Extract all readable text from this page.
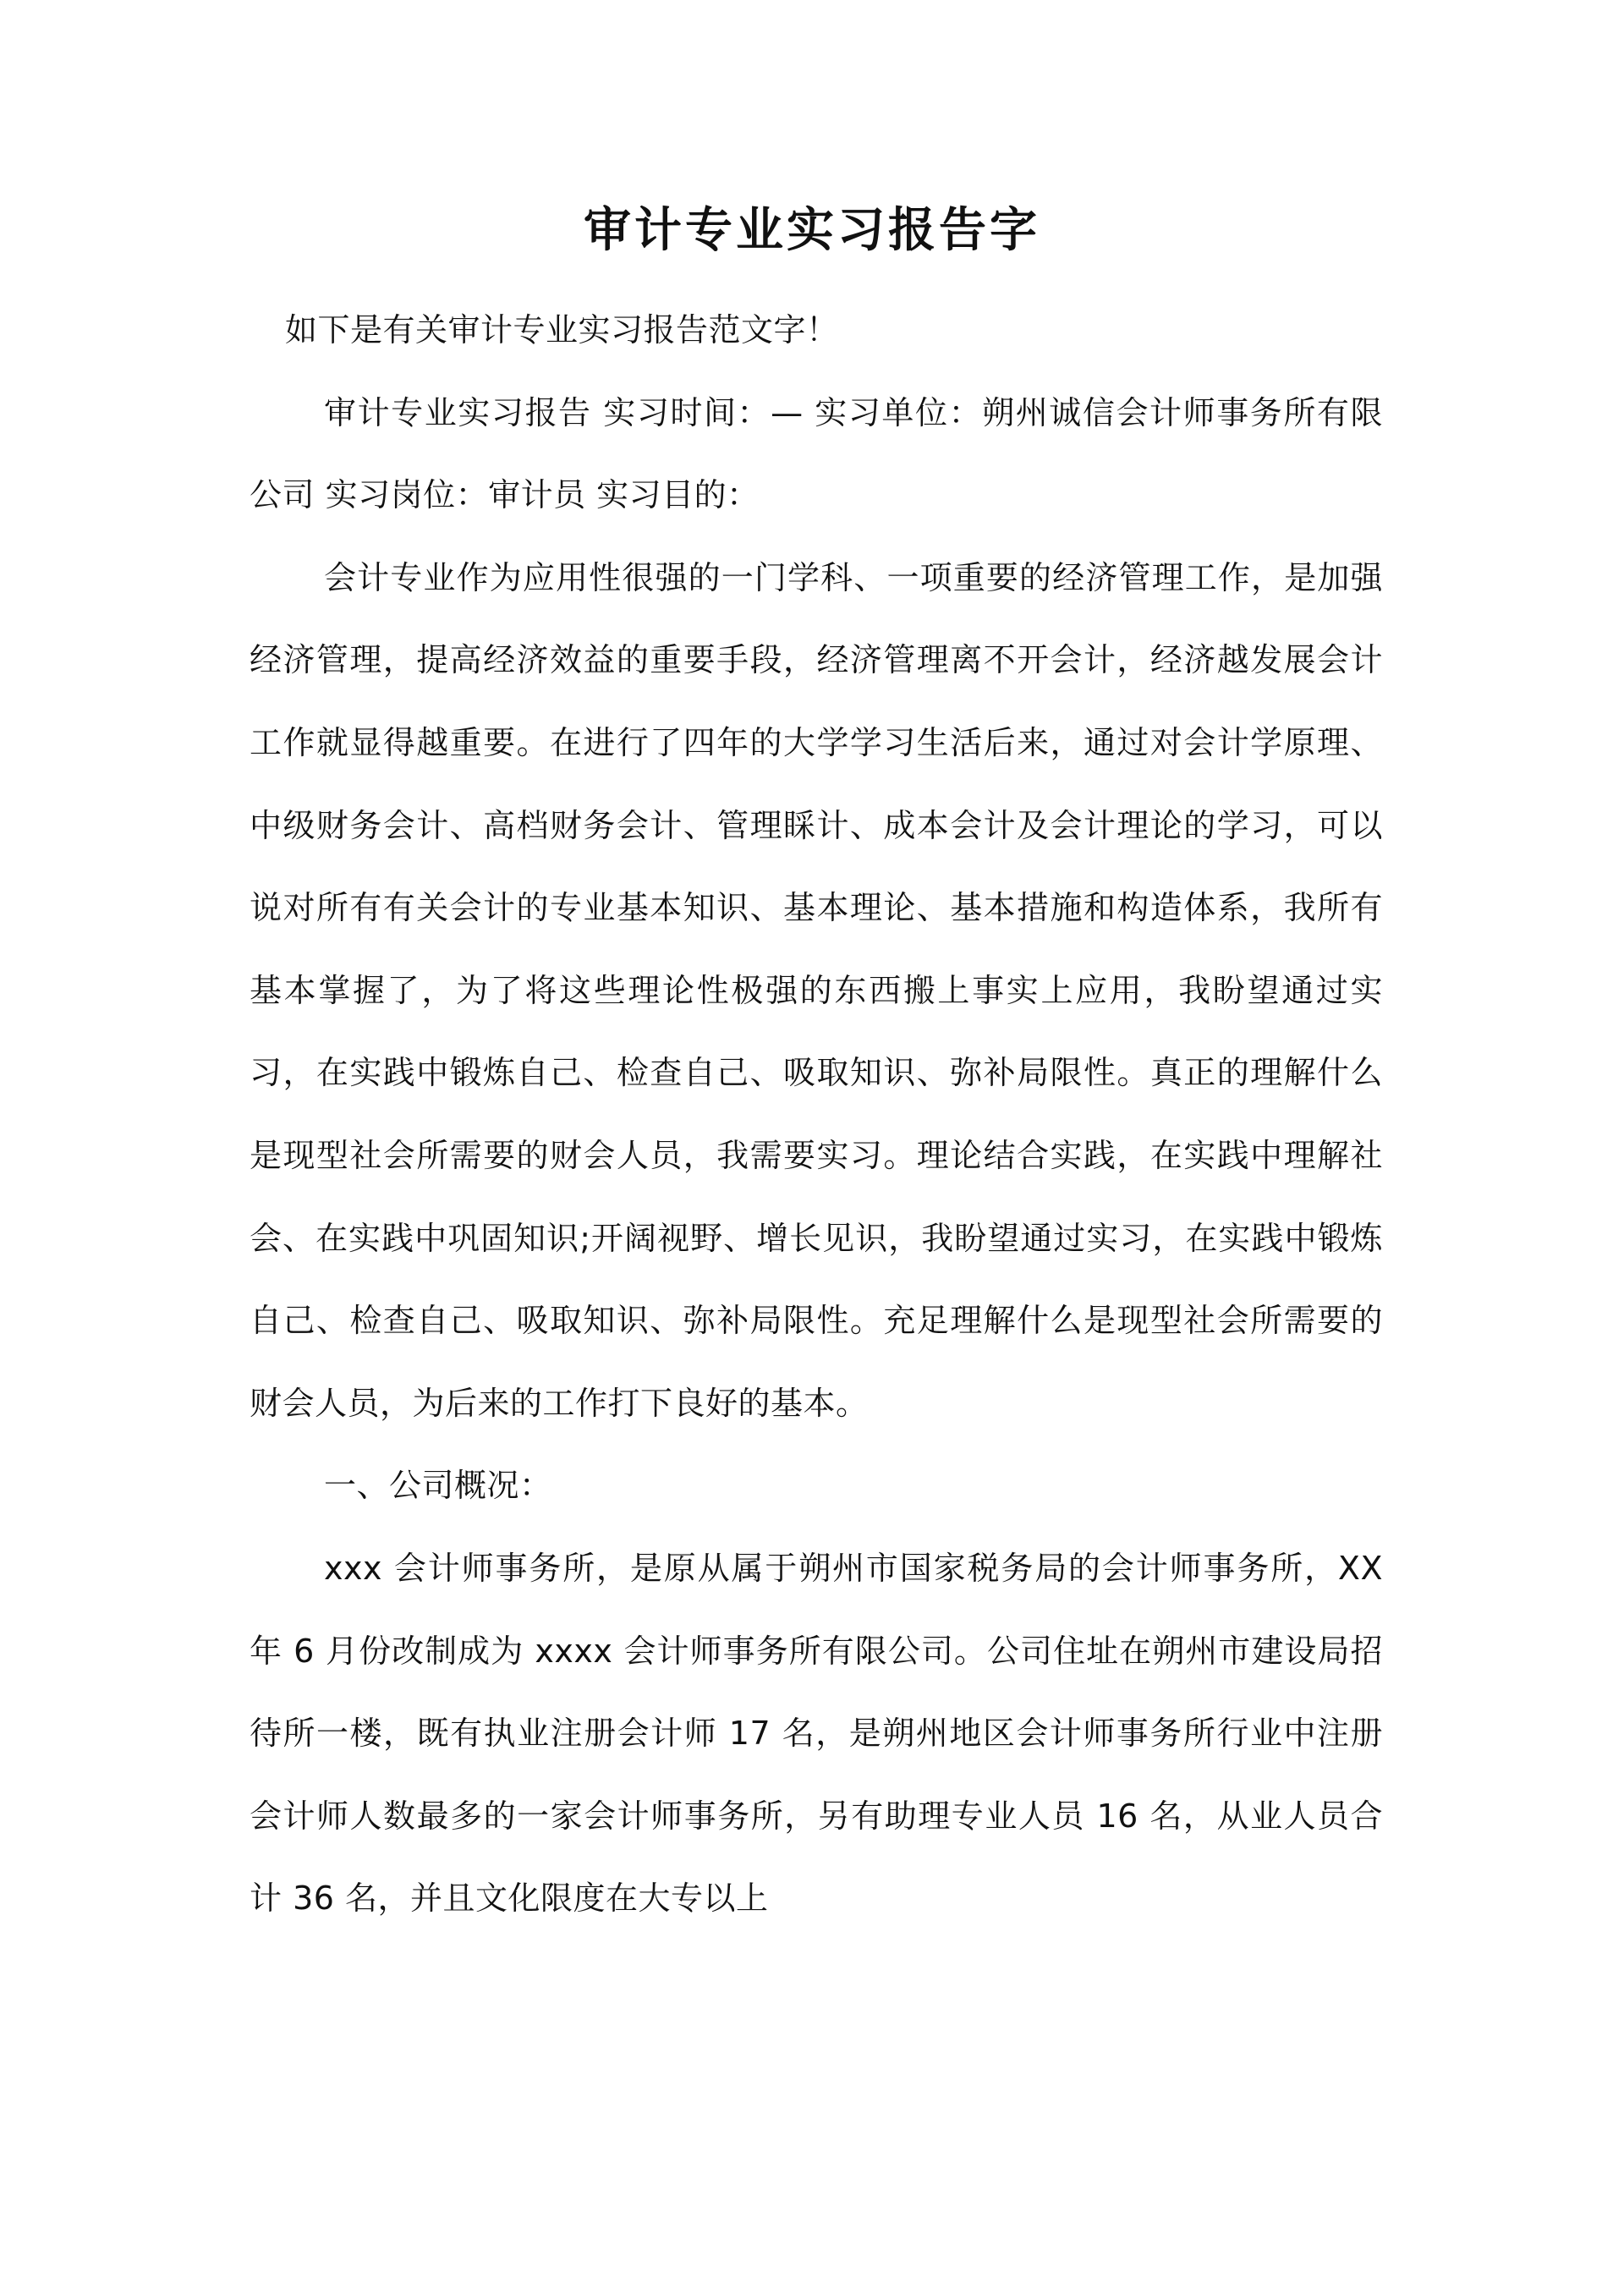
审计专业实习报告字

如下是有关审计专业实习报告范文字！

审计专业实习报告 实习时间：— 实习单位：朔州诚信会计师事务所有限公司 实习岗位：审计员 实习目的：

会计专业作为应用性很强的一门学科、一项重要的经济管理工作，是加强经济管理，提高经济效益的重要手段，经济管理离不开会计，经济越发展会计工作就显得越重要。在进行了四年的大学学习生活后来，通过对会计学原理、中级财务会计、高档财务会计、管理睬计、成本会计及会计理论的学习，可以说对所有有关会计的专业基本知识、基本理论、基本措施和构造体系，我所有基本掌握了，为了将这些理论性极强的东西搬上事实上应用，我盼望通过实习，在实践中锻炼自己、检查自己、吸取知识、弥补局限性。真正的理解什么是现型社会所需要的财会人员，我需要实习。理论结合实践，在实践中理解社会、在实践中巩固知识;开阔视野、增长见识，我盼望通过实习，在实践中锻炼自己、检查自己、吸取知识、弥补局限性。充足理解什么是现型社会所需要的财会人员，为后来的工作打下良好的基本。

一、公司概况：

xxx 会计师事务所，是原从属于朔州市国家税务局的会计师事务所，XX 年 6 月份改制成为 xxxx 会计师事务所有限公司。公司住址在朔州市建设局招待所一楼，既有执业注册会计师 17 名，是朔州地区会计师事务所行业中注册会计师人数最多的一家会计师事务所，另有助理专业人员 16 名，从业人员合计 36 名，并且文化限度在大专以上
